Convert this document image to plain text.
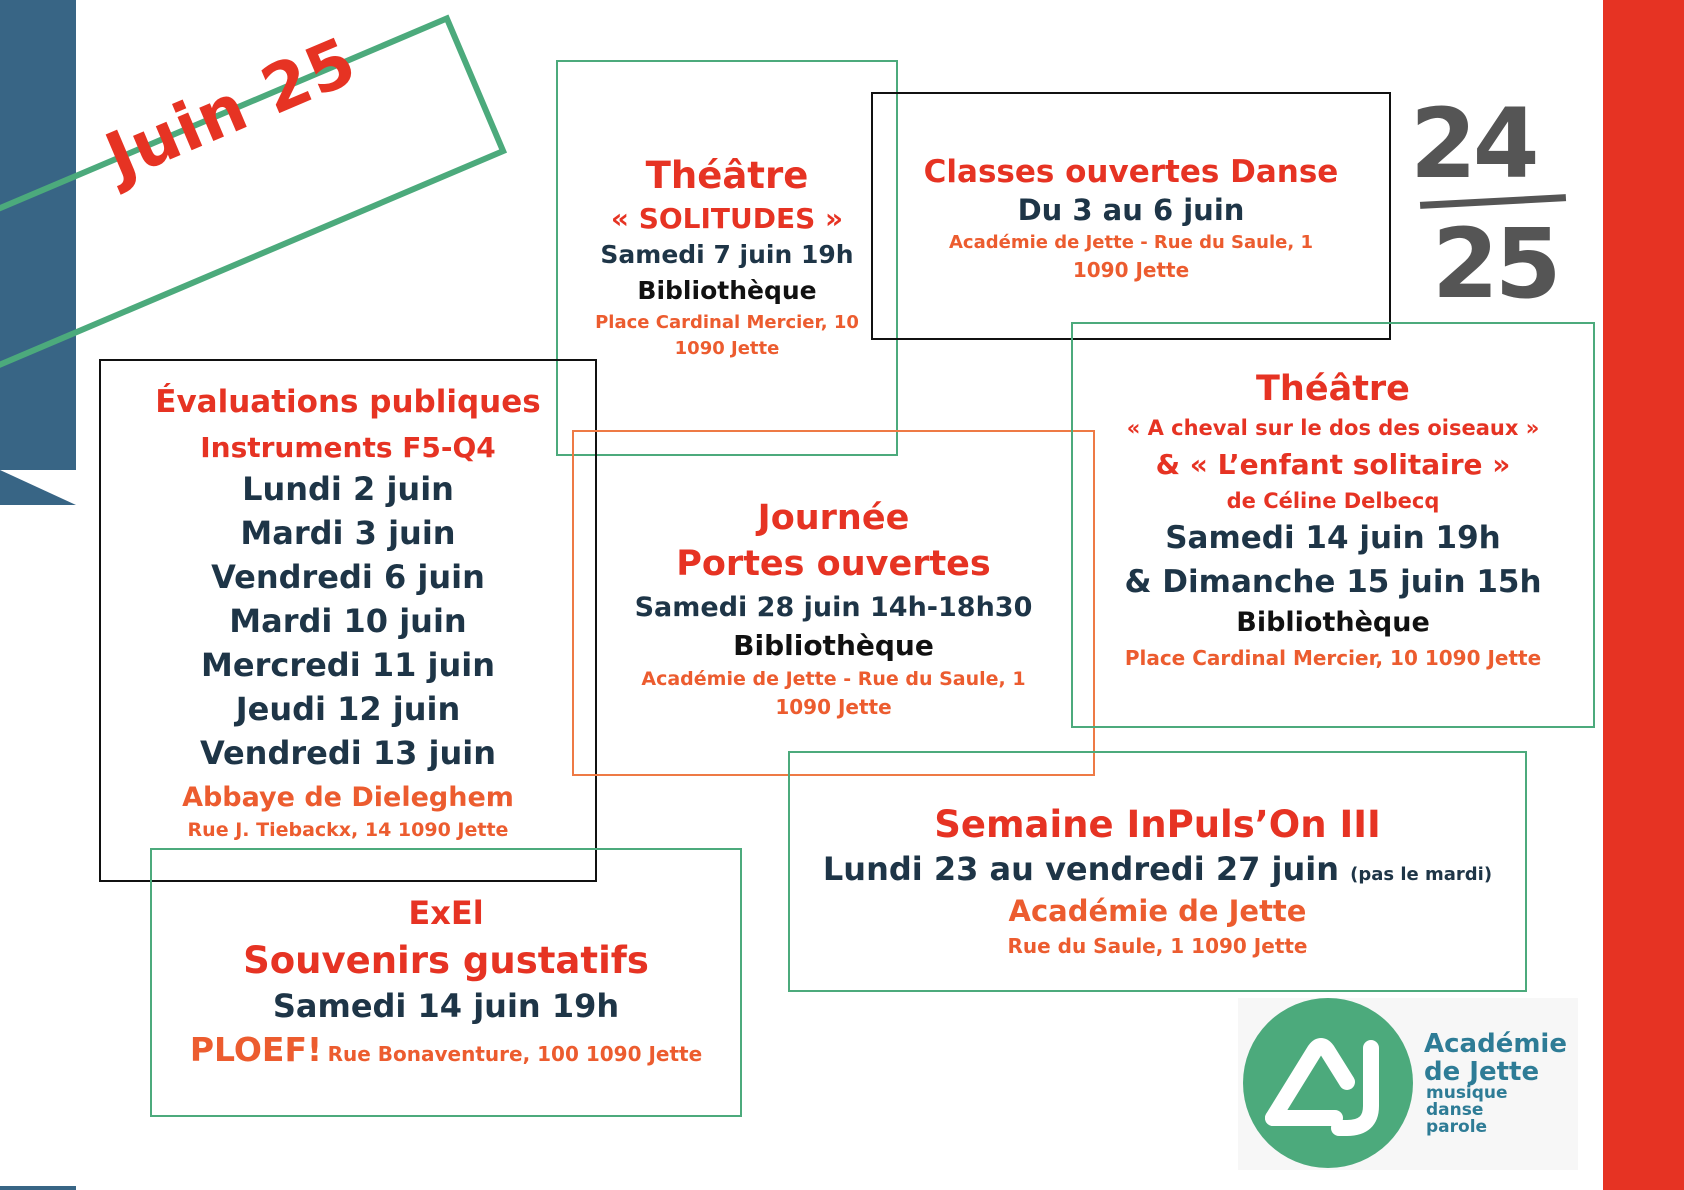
Juin 25	24
25
Théâtre
« SOLITUDES »
Samedi 7 juin 19h
Bibliothèque
Place Cardinal Mercier, 10
1090 Jette
Classes ouvertes Danse
Du 3 au 6 juin
Académie de Jette - Rue du Saule, 1
1090 Jette
Évaluations publiques
Instruments F5-Q4
Lundi 2 juin
Mardi 3 juin
Vendredi 6 juin
Mardi 10 juin
Mercredi 11 juin
Jeudi 12 juin
Vendredi 13 juin
Abbaye de Dieleghem
Rue J. Tiebackx, 14 1090 Jette
Journée
Portes ouvertes
Samedi 28 juin 14h-18h30
Bibliothèque
Académie de Jette - Rue du Saule, 1
1090 Jette
Théâtre
« A cheval sur le dos des oiseaux »
& « L’enfant solitaire »
de Céline Delbecq
Samedi 14 juin 19h
& Dimanche 15 juin 15h
Bibliothèque
Place Cardinal Mercier, 10 1090 Jette
Semaine InPuls’On III
Lundi 23 au vendredi 27 juin (pas le mardi)
Académie de Jette
Rue du Saule, 1 1090 Jette
ExEl
Souvenirs gustatifs
Samedi 14 juin 19h
PLOEF! Rue Bonaventure, 100 1090 Jette	Académie
de Jette
musique
danse
parole
